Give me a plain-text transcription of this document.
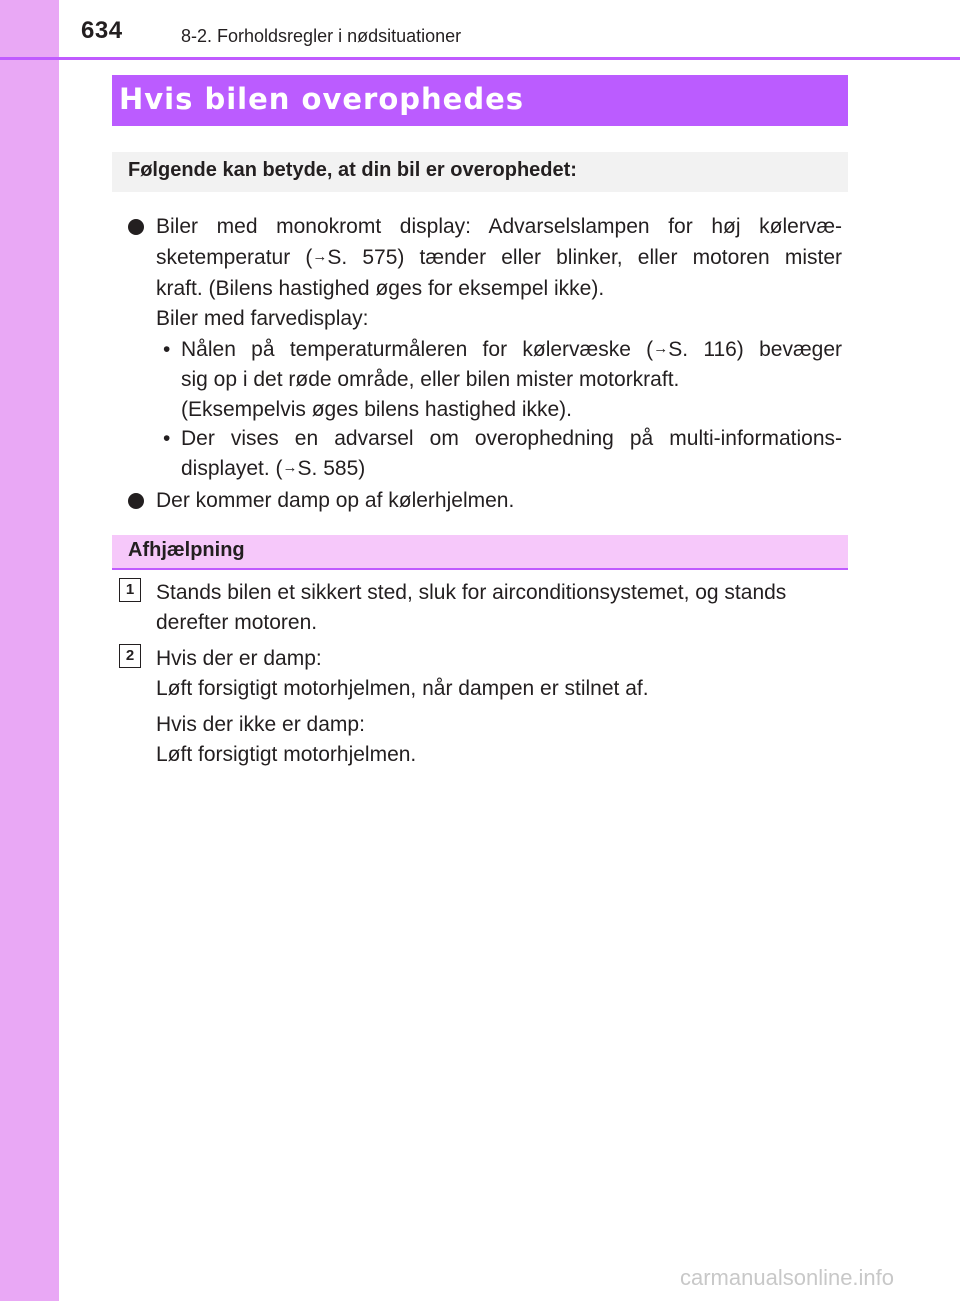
634	8-2. Forholdsregler i nødsituationer
Hvis bilen overophedes
Følgende kan betyde, at din bil er overophedet:
Biler med monokromt display: Advarselslampen for høj kølervæ-
sketemperatur (→S. 575) tænder eller blinker, eller motoren mister
kraft. (Bilens hastighed øges for eksempel ikke).
Biler med farvedisplay:
• Nålen på temperaturmåleren for kølervæske (→S. 116) bevæger
sig op i det røde område, eller bilen mister motorkraft.
(Eksempelvis øges bilens hastighed ikke).
• Der vises en advarsel om overophedning på multi-informations-
displayet. (→S. 585)
Der kommer damp op af kølerhjelmen.
Afhjælpning
1	Stands bilen et sikkert sted, sluk for airconditionsystemet, og stands
derefter motoren.
2	Hvis der er damp:
Løft forsigtigt motorhjelmen, når dampen er stilnet af.
Hvis der ikke er damp:
Løft forsigtigt motorhjelmen.
carmanualsonline.info
